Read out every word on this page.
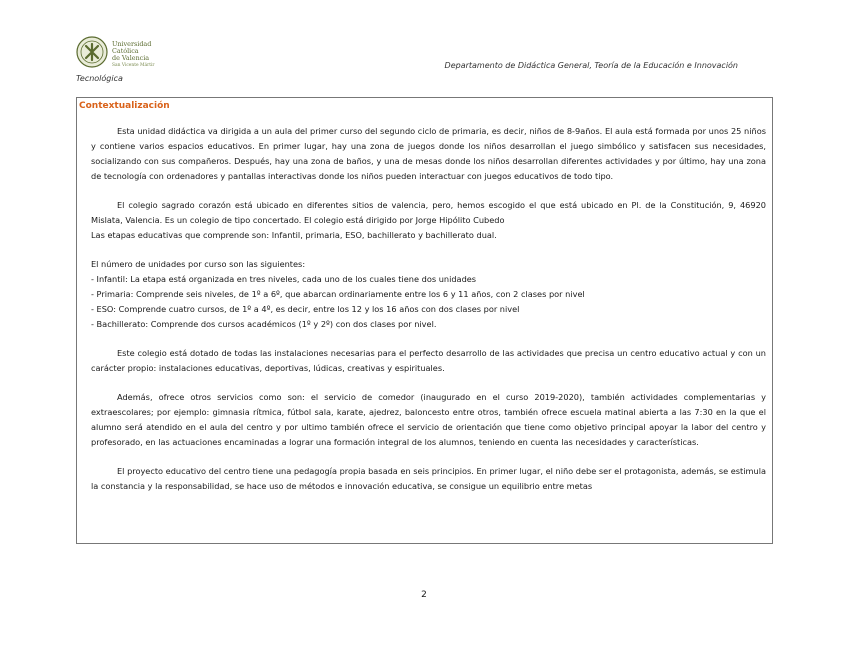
Universidad
Católica
de Valencia
San Vicente Mártir	Departamento de Didáctica General, Teoría de la Educación e Innovación
Tecnológica
Contextualización

Esta unidad didáctica va dirigida a un aula del primer curso del segundo ciclo de primaria, es decir, niños de 8-9años. El aula está formada por unos 25 niños y contiene varios espacios educativos. En primer lugar, hay una zona de juegos donde los niños desarrollan el juego simbólico y satisfacen sus necesidades, socializando con sus compañeros. Después, hay una zona de baños, y una de mesas donde los niños desarrollan diferentes actividades y por último, hay una zona de tecnología con ordenadores y pantallas interactivas donde los niños pueden interactuar con juegos educativos de todo tipo.

El colegio sagrado corazón está ubicado en diferentes sitios de valencia, pero, hemos escogido el que está ubicado en Pl. de la Constitución, 9, 46920 Mislata, Valencia. Es un colegio de tipo concertado. El colegio está dirigido por Jorge Hipólito Cubedo

Las etapas educativas que comprende son: Infantil, primaria, ESO, bachillerato y bachillerato dual.

El número de unidades por curso son las siguientes:

- Infantil: La etapa está organizada en tres niveles, cada uno de los cuales tiene dos unidades

- Primaria: Comprende seis niveles, de 1º a 6º, que abarcan ordinariamente entre los 6 y 11 años, con 2 clases por nivel

- ESO: Comprende cuatro cursos, de 1º a 4º, es decir, entre los 12 y los 16 años con dos clases por nivel

- Bachillerato: Comprende dos cursos académicos (1º y 2º) con dos clases por nivel.

Este colegio está dotado de todas las instalaciones necesarias para el perfecto desarrollo de las actividades que precisa un centro educativo actual y con un carácter propio: instalaciones educativas, deportivas, lúdicas, creativas y espirituales.

Además, ofrece otros servicios como son: el servicio de comedor (inaugurado en el curso 2019-2020), también actividades complementarias y extraescolares; por ejemplo: gimnasia rítmica, fútbol sala, karate, ajedrez, baloncesto entre otros, también ofrece escuela matinal abierta a las 7:30 en la que el alumno será atendido en el aula del centro y por ultimo también ofrece el servicio de orientación que tiene como objetivo principal apoyar la labor del centro y profesorado, en las actuaciones encaminadas a lograr una formación integral de los alumnos, teniendo en cuenta las necesidades y características.

El proyecto educativo del centro tiene una pedagogía propia basada en seis principios. En primer lugar, el niño debe ser el protagonista, además, se estimula la constancia y la responsabilidad, se hace uso de métodos e innovación educativa, se consigue un equilibrio entre metas

2
